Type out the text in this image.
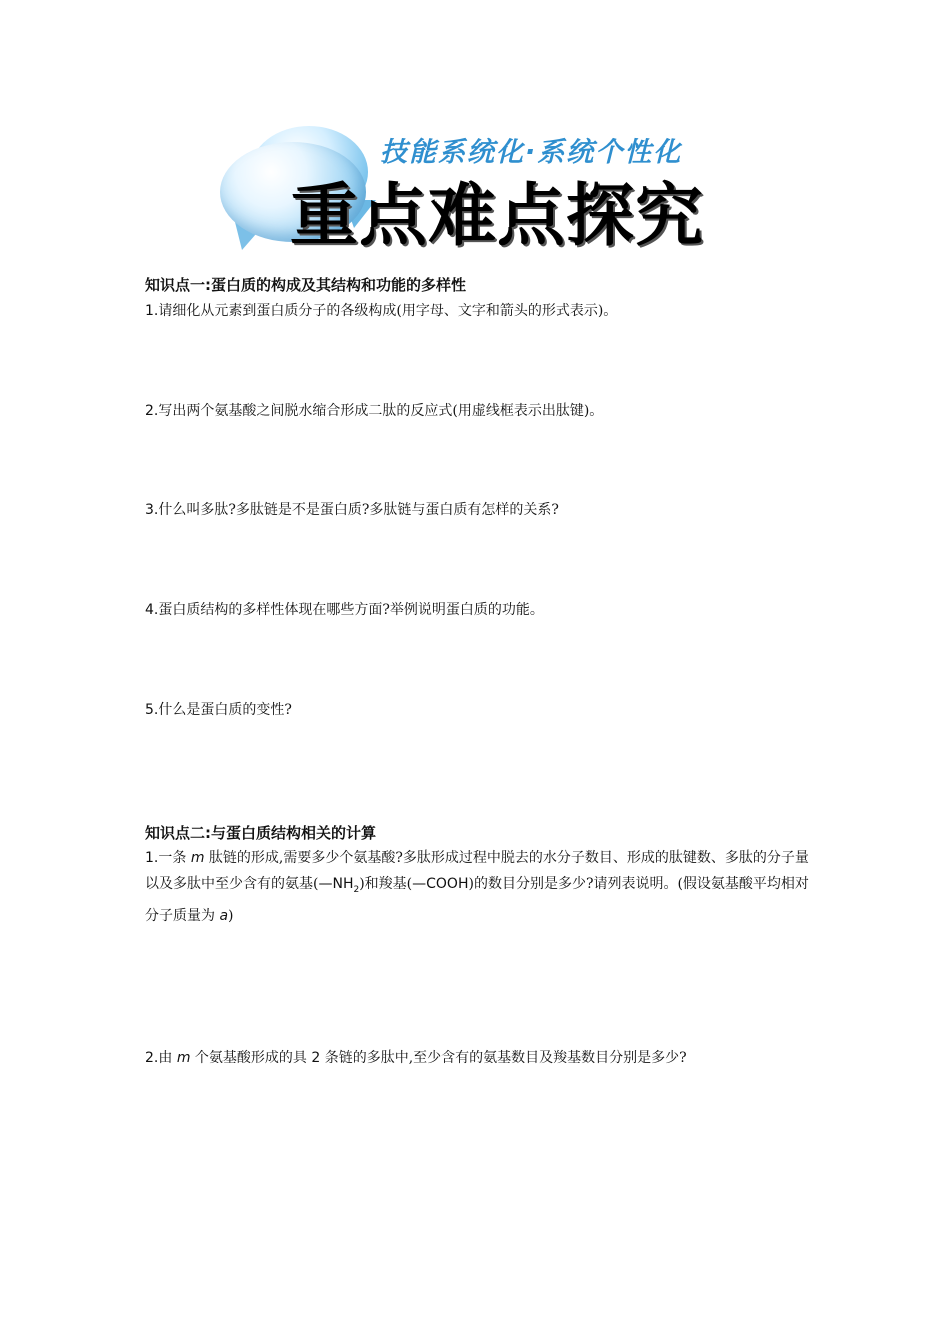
技能系统化·系统个性化
重点难点探究
知识点一:蛋白质的构成及其结构和功能的多样性
1.请细化从元素到蛋白质分子的各级构成(用字母、文字和箭头的形式表示)。
2.写出两个氨基酸之间脱水缩合形成二肽的反应式(用虚线框表示出肽键)。
3.什么叫多肽?多肽链是不是蛋白质?多肽链与蛋白质有怎样的关系?
4.蛋白质结构的多样性体现在哪些方面?举例说明蛋白质的功能。
5.什么是蛋白质的变性?
知识点二:与蛋白质结构相关的计算
1.一条 m 肽链的形成,需要多少个氨基酸?多肽形成过程中脱去的水分子数目、形成的肽键数、多肽的分子量以及多肽中至少含有的氨基$(—NH_2)$和羧基(—COOH)的数目分别是多少?请列表说明。(假设氨基酸平均相对分子质量为 a)
2.由 m 个氨基酸形成的具 2 条链的多肽中,至少含有的氨基数目及羧基数目分别是多少?
